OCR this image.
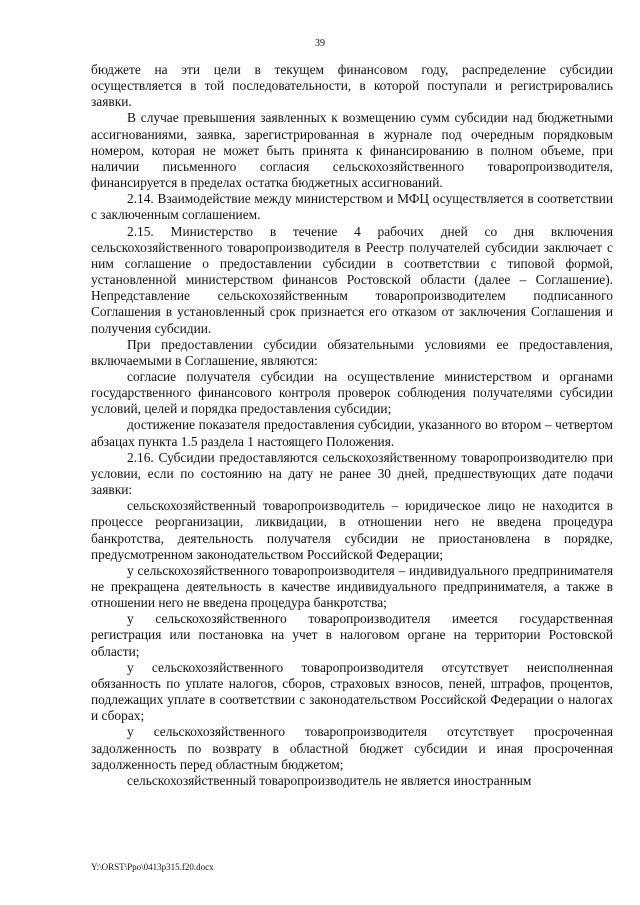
39

бюджете на эти цели в текущем финансовом году, распределение субсидии осуществляется в той последовательности, в которой поступали и регистрировались заявки.

В случае превышения заявленных к возмещению сумм субсидии над бюджетными ассигнованиями, заявка, зарегистрированная в журнале под очередным порядковым номером, которая не может быть принята к финансированию в полном объеме, при наличии письменного согласия сельскохозяйственного товаропроизводителя, финансируется в пределах остатка бюджетных ассигнований.

2.14. Взаимодействие между министерством и МФЦ осуществляется в соответствии с заключенным соглашением.

2.15. Министерство в течение 4 рабочих дней со дня включения сельскохозяйственного товаропроизводителя в Реестр получателей субсидии заключает с ним соглашение о предоставлении субсидии в соответствии с типовой формой, установленной министерством финансов Ростовской области (далее – Соглашение). Непредставление сельскохозяйственным товаропроизводителем подписанного Соглашения в установленный срок признается его отказом от заключения Соглашения и получения субсидии.

При предоставлении субсидии обязательными условиями ее предоставления, включаемыми в Соглашение, являются:

согласие получателя субсидии на осуществление министерством и органами государственного финансового контроля проверок соблюдения получателями субсидии условий, целей и порядка предоставления субсидии;

достижение показателя предоставления субсидии, указанного во втором – четвертом абзацах пункта 1.5 раздела 1 настоящего Положения.

2.16. Субсидии предоставляются сельскохозяйственному товаропроизводителю при условии, если по состоянию на дату не ранее 30 дней, предшествующих дате подачи заявки:

сельскохозяйственный товаропроизводитель – юридическое лицо не находится в процессе реорганизации, ликвидации, в отношении него не введена процедура банкротства, деятельность получателя субсидии не приостановлена в порядке, предусмотренном законодательством Российской Федерации;

у сельскохозяйственного товаропроизводителя – индивидуального предпринимателя не прекращена деятельность в качестве индивидуального предпринимателя, а также в отношении него не введена процедура банкротства;

у сельскохозяйственного товаропроизводителя имеется государственная регистрация или постановка на учет в налоговом органе на территории Ростовской области;

у сельскохозяйственного товаропроизводителя отсутствует неисполненная обязанность по уплате налогов, сборов, страховых взносов, пеней, штрафов, процентов, подлежащих уплате в соответствии с законодательством Российской Федерации о налогах и сборах;

у сельскохозяйственного товаропроизводителя отсутствует просроченная задолженность по возврату в областной бюджет субсидии и иная просроченная задолженность перед областным бюджетом;

сельскохозяйственный товаропроизводитель не является иностранным

Y:\ORST\Ppo\0413p315.f20.docx
